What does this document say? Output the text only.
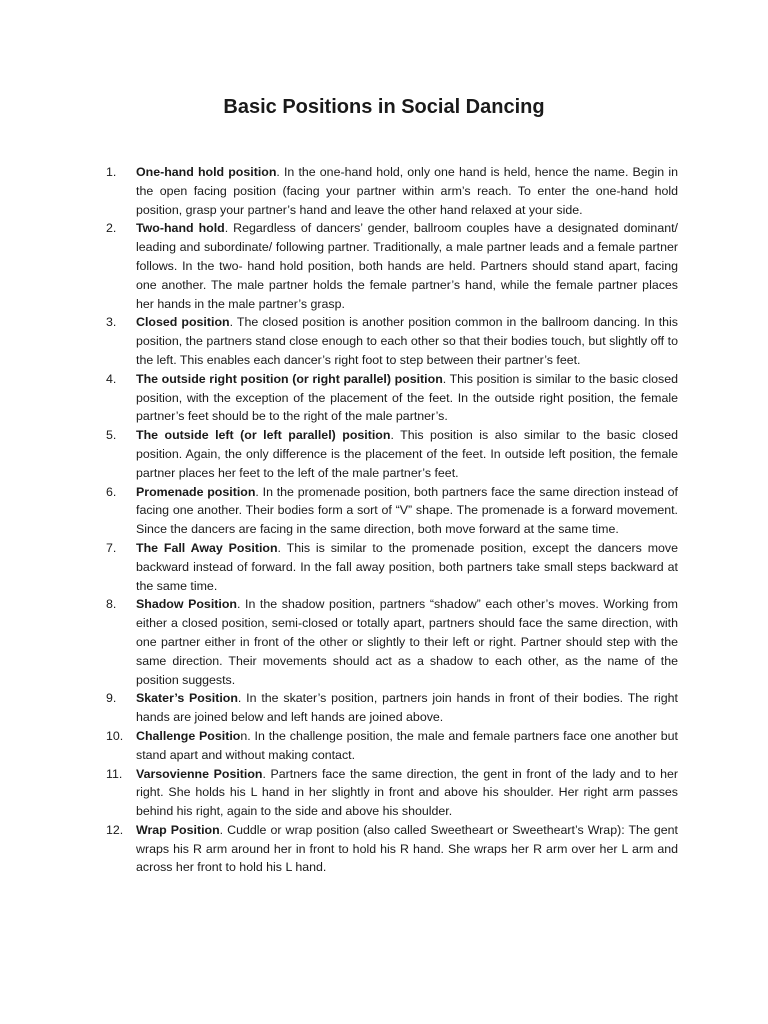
Basic Positions in Social Dancing
1.	One-hand hold position. In the one-hand hold, only one hand is held, hence the name. Begin in the open facing position (facing your partner within arm’s reach. To enter the one-hand hold position, grasp your partner’s hand and leave the other hand relaxed at your side.
2.	Two-hand hold. Regardless of dancers’ gender, ballroom couples have a designated dominant/ leading and subordinate/ following partner. Traditionally, a male partner leads and a female partner follows. In the two- hand hold position, both hands are held. Partners should stand apart, facing one another. The male partner holds the female partner’s hand, while the female partner places her hands in the male partner’s grasp.
3.	Closed position. The closed position is another position common in the ballroom dancing. In this position, the partners stand close enough to each other so that their bodies touch, but slightly off to the left. This enables each dancer’s right foot to step between their partner’s feet.
4.	The outside right position (or right parallel) position. This position is similar to the basic closed position, with the exception of the placement of the feet. In the outside right position, the female partner’s feet should be to the right of the male partner’s.
5.	The outside left (or left parallel) position. This position is also similar to the basic closed position. Again, the only difference is the placement of the feet. In outside left position, the female partner places her feet to the left of the male partner’s feet.
6.	Promenade position. In the promenade position, both partners face the same direction instead of facing one another. Their bodies form a sort of “V” shape. The promenade is a forward movement. Since the dancers are facing in the same direction, both move forward at the same time.
7.	The Fall Away Position. This is similar to the promenade position, except the dancers move backward instead of forward. In the fall away position, both partners take small steps backward at the same time.
8.	Shadow Position. In the shadow position, partners “shadow” each other’s moves. Working from either a closed position, semi-closed or totally apart, partners should face the same direction, with one partner either in front of the other or slightly to their left or right. Partner should step with the same direction. Their movements should act as a shadow to each other, as the name of the position suggests.
9.	Skater’s Position. In the skater’s position, partners join hands in front of their bodies. The right hands are joined below and left hands are joined above.
10.	Challenge Position. In the challenge position, the male and female partners face one another but stand apart and without making contact.
11.	Varsovienne Position. Partners face the same direction, the gent in front of the lady and to her right. She holds his L hand in her slightly in front and above his shoulder. Her right arm passes behind his right, again to the side and above his shoulder.
12.	Wrap Position. Cuddle or wrap position (also called Sweetheart or Sweetheart’s Wrap): The gent wraps his R arm around her in front to hold his R hand. She wraps her R arm over her L arm and across her front to hold his L hand.
